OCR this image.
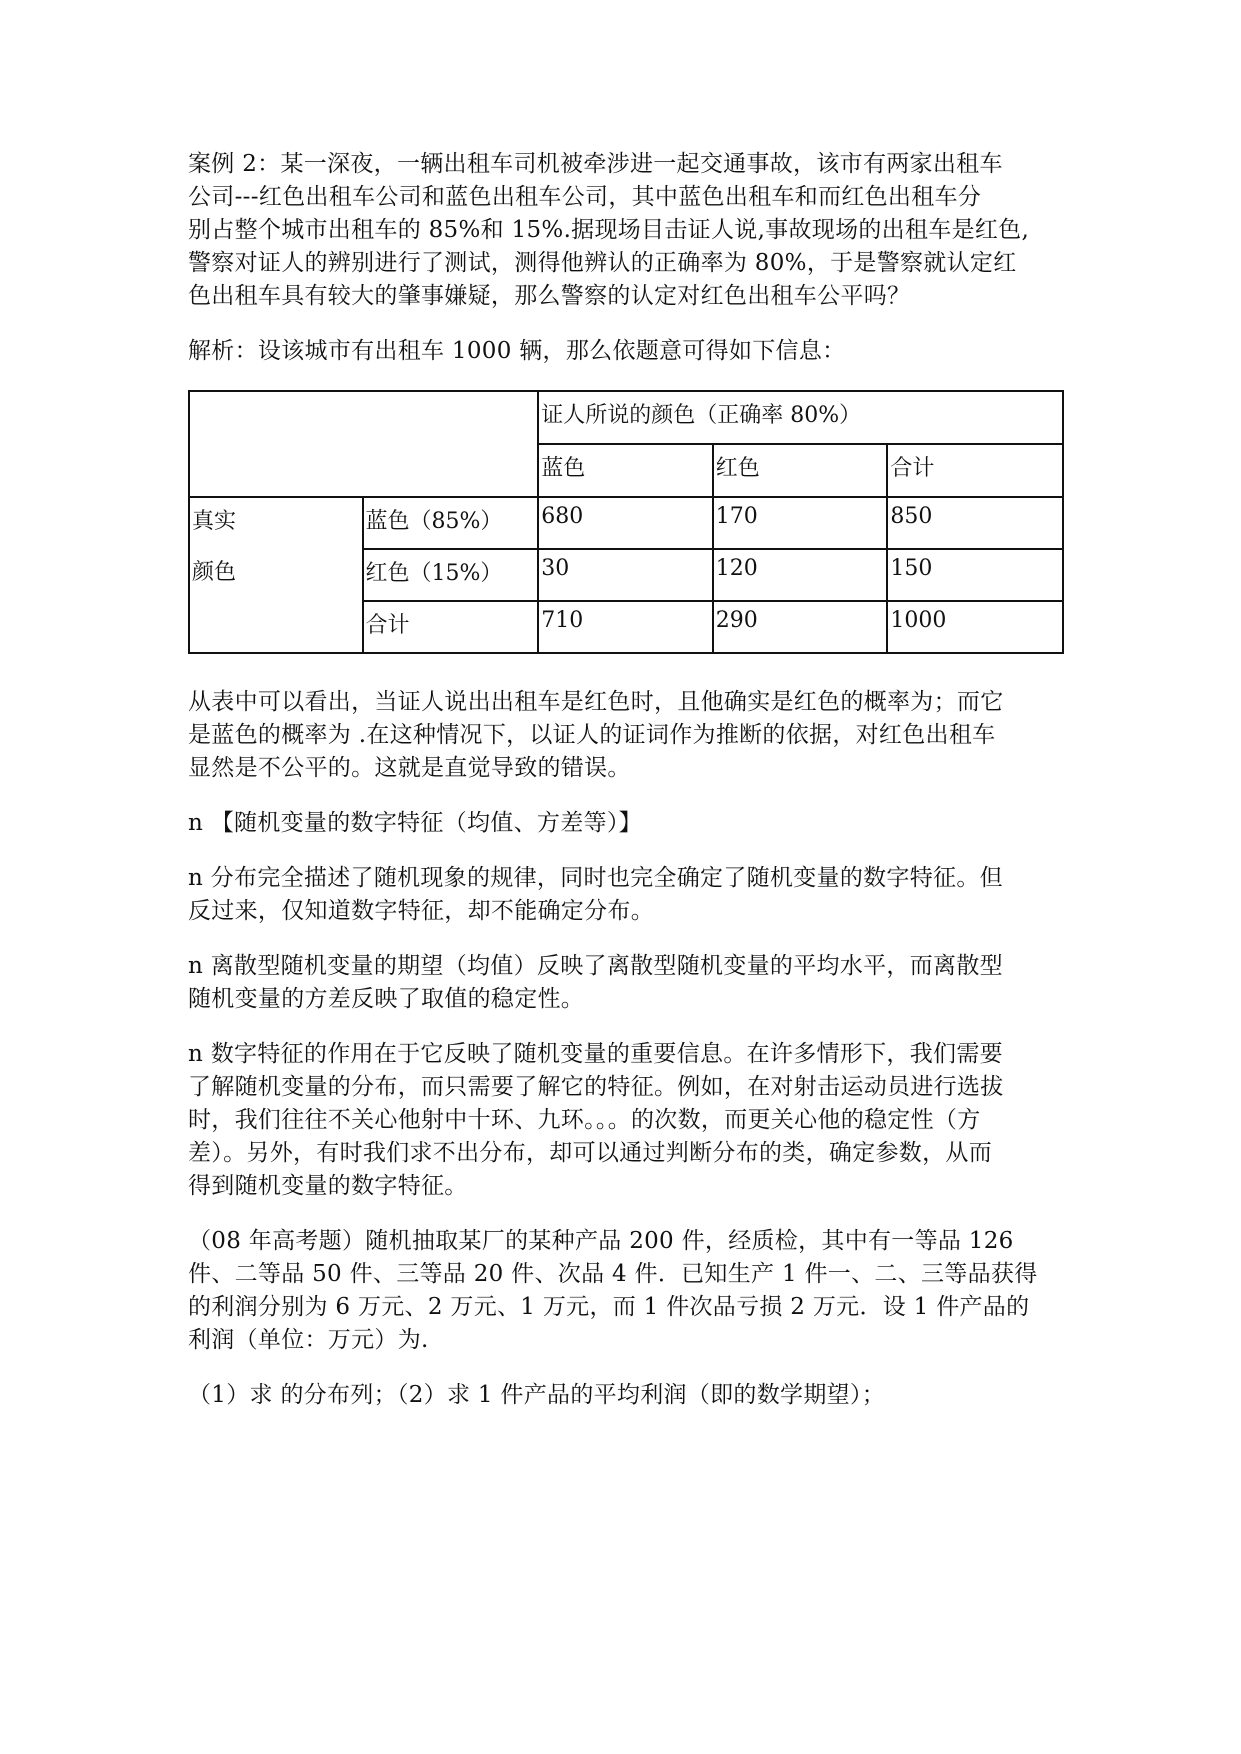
案例 2：某一深夜，一辆出租车司机被牵涉进一起交通事故，该市有两家出租车
公司---红色出租车公司和蓝色出租车公司，其中蓝色出租车和而红色出租车分
别占整个城市出租车的 85%和 15%.据现场目击证人说,事故现场的出租车是红色,
警察对证人的辨别进行了测试，测得他辨认的正确率为 80%，于是警察就认定红
色出租车具有较大的肇事嫌疑，那么警察的认定对红色出租车公平吗？

解析：设该城市有出租车 1000 辆，那么依题意可得如下信息：

		证人所说的颜色（正确率 80%）		
		蓝色	红色	合计
真实	蓝色（85%）	680	170	850
颜色	红色（15%）	30	120	150
	合计	710	290	1000

从表中可以看出，当证人说出出租车是红色时，且他确实是红色的概率为；而它
是蓝色的概率为 .在这种情况下，以证人的证词作为推断的依据，对红色出租车
显然是不公平的。这就是直觉导致的错误。

n 【随机变量的数字特征（均值、方差等）】

n 分布完全描述了随机现象的规律，同时也完全确定了随机变量的数字特征。但
反过来，仅知道数字特征，却不能确定分布。

n 离散型随机变量的期望（均值）反映了离散型随机变量的平均水平，而离散型
随机变量的方差反映了取值的稳定性。

n 数字特征的作用在于它反映了随机变量的重要信息。在许多情形下，我们需要
了解随机变量的分布，而只需要了解它的特征。例如，在对射击运动员进行选拔
时，我们往往不关心他射中十环、九环。。。的次数，而更关心他的稳定性（方
差）。另外，有时我们求不出分布，却可以通过判断分布的类，确定参数，从而
得到随机变量的数字特征。

（08 年高考题）随机抽取某厂的某种产品 200 件，经质检，其中有一等品 126
件、二等品 50 件、三等品 20 件、次品 4 件．已知生产 1 件一、二、三等品获得
的利润分别为 6 万元、2 万元、1 万元，而 1 件次品亏损 2 万元．设 1 件产品的
利润（单位：万元）为.

（1）求 的分布列；（2）求 1 件产品的平均利润（即的数学期望）；
